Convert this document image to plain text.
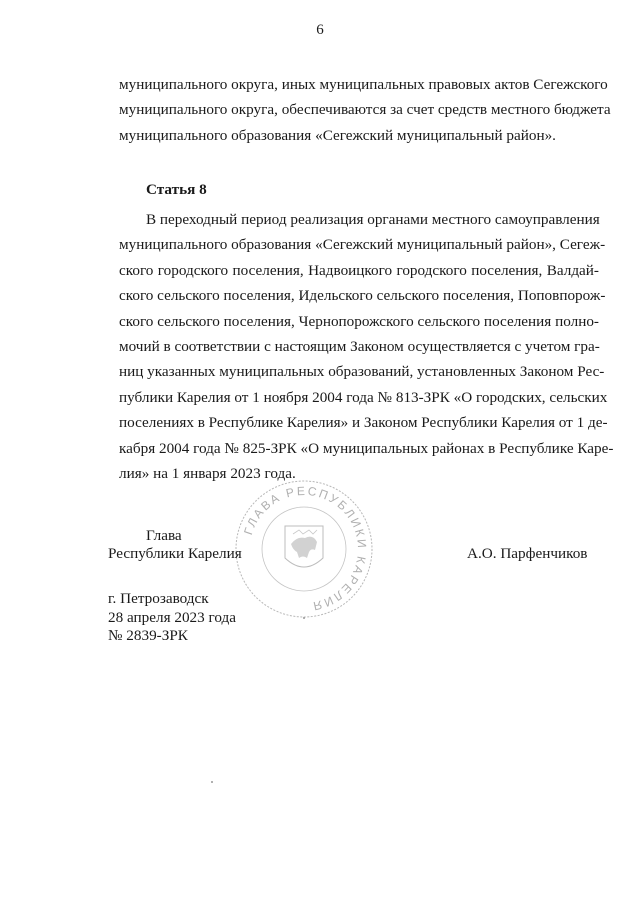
6
муниципального округа, иных муниципальных правовых актов Сегежского
муниципального округа, обеспечиваются за счет средств местного бюджета
муниципального образования «Сегежский муниципальный район».
Статья 8
В переходный период реализация органами местного самоуправления
муниципального образования «Сегежский муниципальный район», Сегеж-
ского городского поселения, Надвоицкого городского поселения, Валдай-
ского сельского поселения, Идельского сельского поселения, Поповпорож-
ского сельского поселения, Чернопорожского сельского поселения полно-
мочий в соответствии с настоящим Законом осуществляется с учетом гра-
ниц указанных муниципальных образований, установленных Законом Рес-
публики Карелия от 1 ноября 2004 года № 813-ЗРК «О городских, сельских
поселениях в Республике Карелия» и Законом Республики Карелия от 1 де-
кабря 2004 года № 825-ЗРК «О муниципальных районах в Республике Каре-
лия» на 1 января 2023 года.
ГЛАВА РЕСПУБЛИКИ КАРЕЛИЯ
Глава
Республики Карелия	А.О. Парфенчиков
г. Петрозаводск
28 апреля 2023 года
№ 2839-ЗРК
